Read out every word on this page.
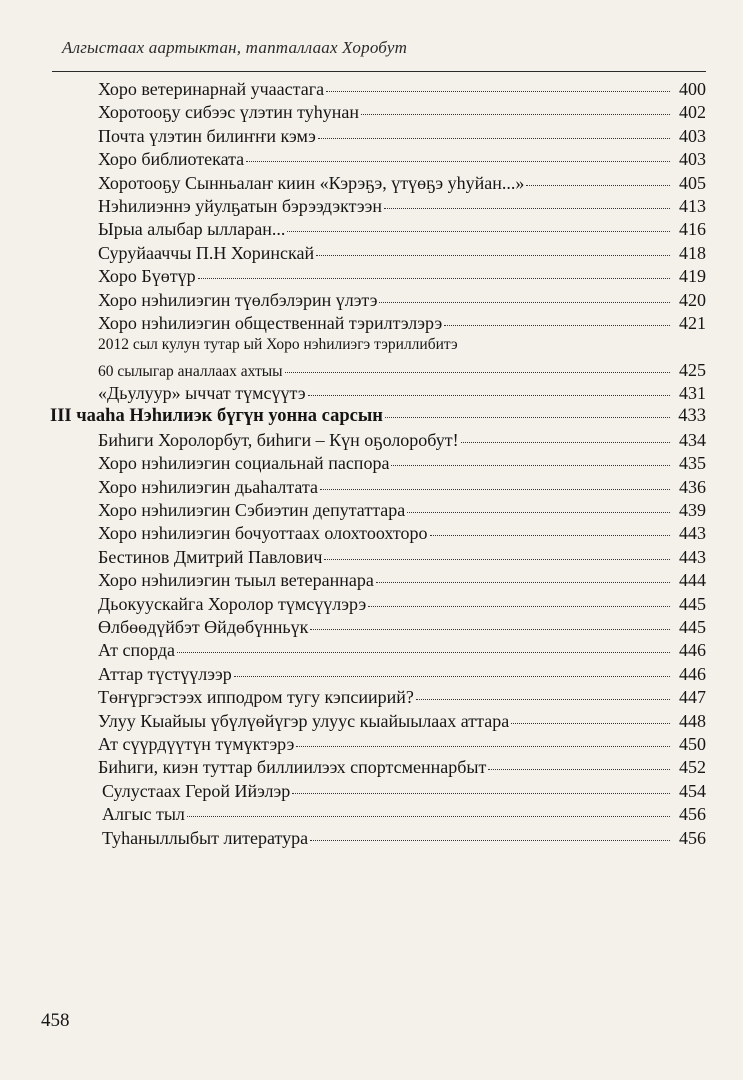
Алгыстаах аартыктан, тапталлаах Хоробут
Хоро ветеринарнай учаастага	400
Хоротооҕу сибээс үлэтин туһунан	402
Почта үлэтин билиҥҥи кэмэ	403
Хоро библиотеката	403
Хоротооҕу Сынньалаҥ киин «Кэрэҕэ, үтүөҕэ уһуйан...»	405
Нэһилиэннэ уйулҕатын бэрээдэктээн	413
Ырыа алыбар ылларан...	416
Суруйааччы П.Н Хоринскай	418
Хоро Бүөтүр	419
Хоро нэһилиэгин түөлбэлэрин үлэтэ	420
Хоро нэһилиэгин общественнай тэрилтэлэрэ	421
2012 сыл кулун тутар ый Хоро нэһилиэгэ тэриллибитэ
60 сылыгар аналлаах ахтыы	425
«Дьулуур» ыччат түмсүүтэ	431
III чааһа Нэһилиэк бүгүн уонна сарсын	433
Биһиги Хоролорбут, биһиги – Күн оҕолоробут!	434
Хоро нэһилиэгин социальнай паспора	435
Хоро нэһилиэгин дьаһалтата	436
Хоро нэһилиэгин Сэбиэтин депутаттара	439
Хоро нэһилиэгин бочуоттаах олохтоохторо	443
Бестинов Дмитрий Павлович	443
Хоро нэһилиэгин тыыл ветераннара	444
Дьокуускайга Хоролор түмсүүлэрэ	445
Өлбөөдүйбэт Өйдөбүнньүк	445
Ат спорда	446
Аттар түстүүлээр	446
Төҥүргэстээх ипподром тугу кэпсиирий?	447
Улуу Кыайыы үбүлүөйүгэр улуус кыайыылаах аттара	448
Ат сүүрдүүтүн түмүктэрэ	450
Биһиги, киэн туттар биллиилээх спортсменнарбыт	452
Сулустаах Герой Ийэлэр	454
Алгыс тыл	456
Туһаныллыбыт литература	456
458
